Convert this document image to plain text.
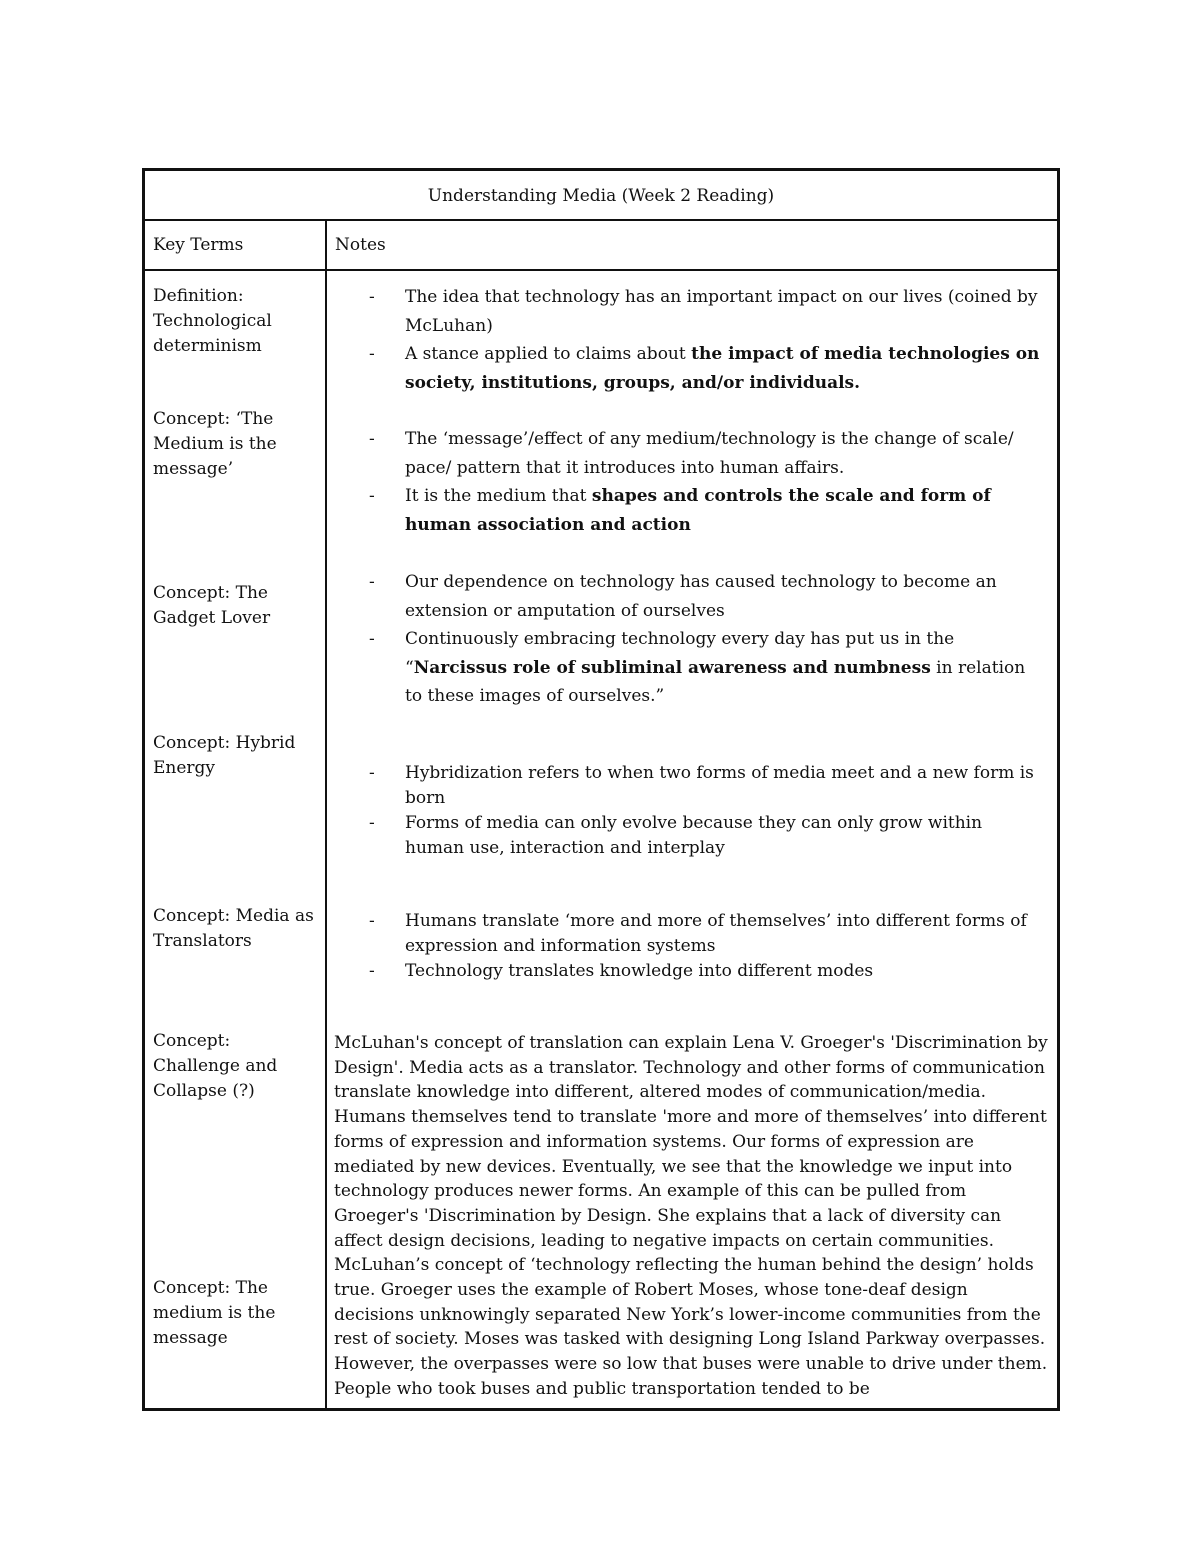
Understanding Media (Week 2 Reading)
Key Terms	Notes
Definition: Technological determinism
Concept: ‘The Medium is the message’
Concept: The Gadget Lover
Concept: Hybrid Energy
Concept: Media as Translators
Concept: Challenge and Collapse (?)
Concept: The medium is the message
- The idea that technology has an important impact on our lives (coined by McLuhan)
- A stance applied to claims about the impact of media technologies on society, institutions, groups, and/or individuals.
- The ‘message’/effect of any medium/technology is the change of scale/ pace/ pattern that it introduces into human affairs.
- It is the medium that shapes and controls the scale and form of human association and action
- Our dependence on technology has caused technology to become an extension or amputation of ourselves
- Continuously embracing technology every day has put us in the “Narcissus role of subliminal awareness and numbness in relation to these images of ourselves.”
- Hybridization refers to when two forms of media meet and a new form is born
- Forms of media can only evolve because they can only grow within human use, interaction and interplay
- Humans translate ‘more and more of themselves’ into different forms of expression and information systems
- Technology translates knowledge into different modes
McLuhan's concept of translation can explain Lena V. Groeger's 'Discrimination by Design'. Media acts as a translator. Technology and other forms of communication translate knowledge into different, altered modes of communication/media. Humans themselves tend to translate 'more and more of themselves’ into different forms of expression and information systems. Our forms of expression are mediated by new devices. Eventually, we see that the knowledge we input into technology produces newer forms. An example of this can be pulled from Groeger's 'Discrimination by Design. She explains that a lack of diversity can affect design decisions, leading to negative impacts on certain communities. McLuhan’s concept of ‘technology reflecting the human behind the design’ holds true. Groeger uses the example of Robert Moses, whose tone-deaf design decisions unknowingly separated New York’s lower-income communities from the rest of society. Moses was tasked with designing Long Island Parkway overpasses. However, the overpasses were so low that buses were unable to drive under them. People who took buses and public transportation tended to be
